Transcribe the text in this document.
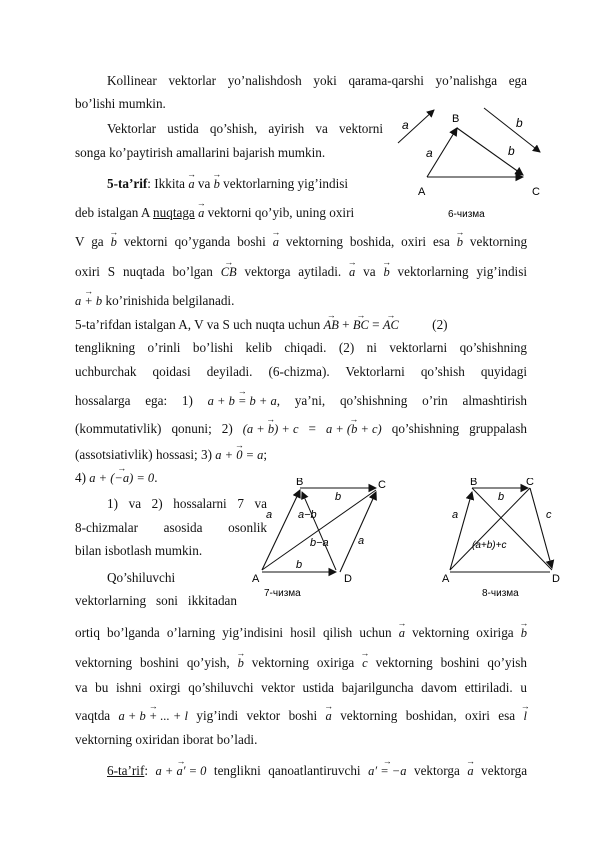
Kollinear vektorlar yo’nalishdosh yoki qarama-qarshi yo’nalishga ega
bo’lishi mumkin.
Vektorlar ustida qo’shish, ayirish va vektorni
songa ko’paytirish amallarini bajarish mumkin.
5-ta’rif: Ikkita → a va → b vektorlarning yig’indisi
deb istalgan A nuqtaga → a vektorni qo’yib, uning oxiri
V ga → b vektorni qo’yganda boshi → a vektorning boshida, oxiri esa → b vektorning
oxiri S nuqtada bo’lgan → CB vektorga aytiladi. → a va → b vektorlarning yig’indisi
→ a + b ko’rinishida belgilanadi.
5-ta’rifdan istalgan A, V va S uch nuqta uchun → AB + → BC = → AC	(2)
tenglikning o’rinli bo’lishi kelib chiqadi. (2) ni vektorlarni qo’shishning
uchburchak qoidasi deyiladi. (6-chizma). Vektorlarni qo’shish quyidagi
hossalarga ega: 1) → a + b = b + a, ya’ni, qo’shishning o’rin almashtirish
(kommutativlik) qonuni; 2) → (a + b) + c = → a + (b + c) qo’shishning gruppalash
(assotsiativlik) hossasi; 3) → a + 0 = a;
4) → a + (−a) = 0.
1) va 2) hossalarni 7 va
8-chizmalar asosida osonlik
bilan isbotlash mumkin.
Qo’shiluvchi
vektorlarning soni ikkitadan
ortiq bo’lganda o’larning yig’indisini hosil qilish uchun → a vektorning oxiriga → b
vektorning boshini qo’yish, → b vektorning oxiriga → c vektorning boshini qo’yish
va bu ishni oxirgi qo’shiluvchi vektor ustida bajarilguncha davom ettiriladi. u
vaqtda → a + b + ... + l yig’indi vektor boshi → a vektorning boshidan, oxiri esa → l
vektorning oxiridan iborat bo’ladi.
6-ta’rif: → a + a′ = 0 tenglikni qanoatlantiruvchi → a′ = −a vektorga → a vektorga
a
a
B
b
b
A	C
6-чизма
B	C
b
a a−b
b−a	a
b
A	D
7-чизма
B	C
b
a	c
(a+b)+c
A	D
8-чизма
